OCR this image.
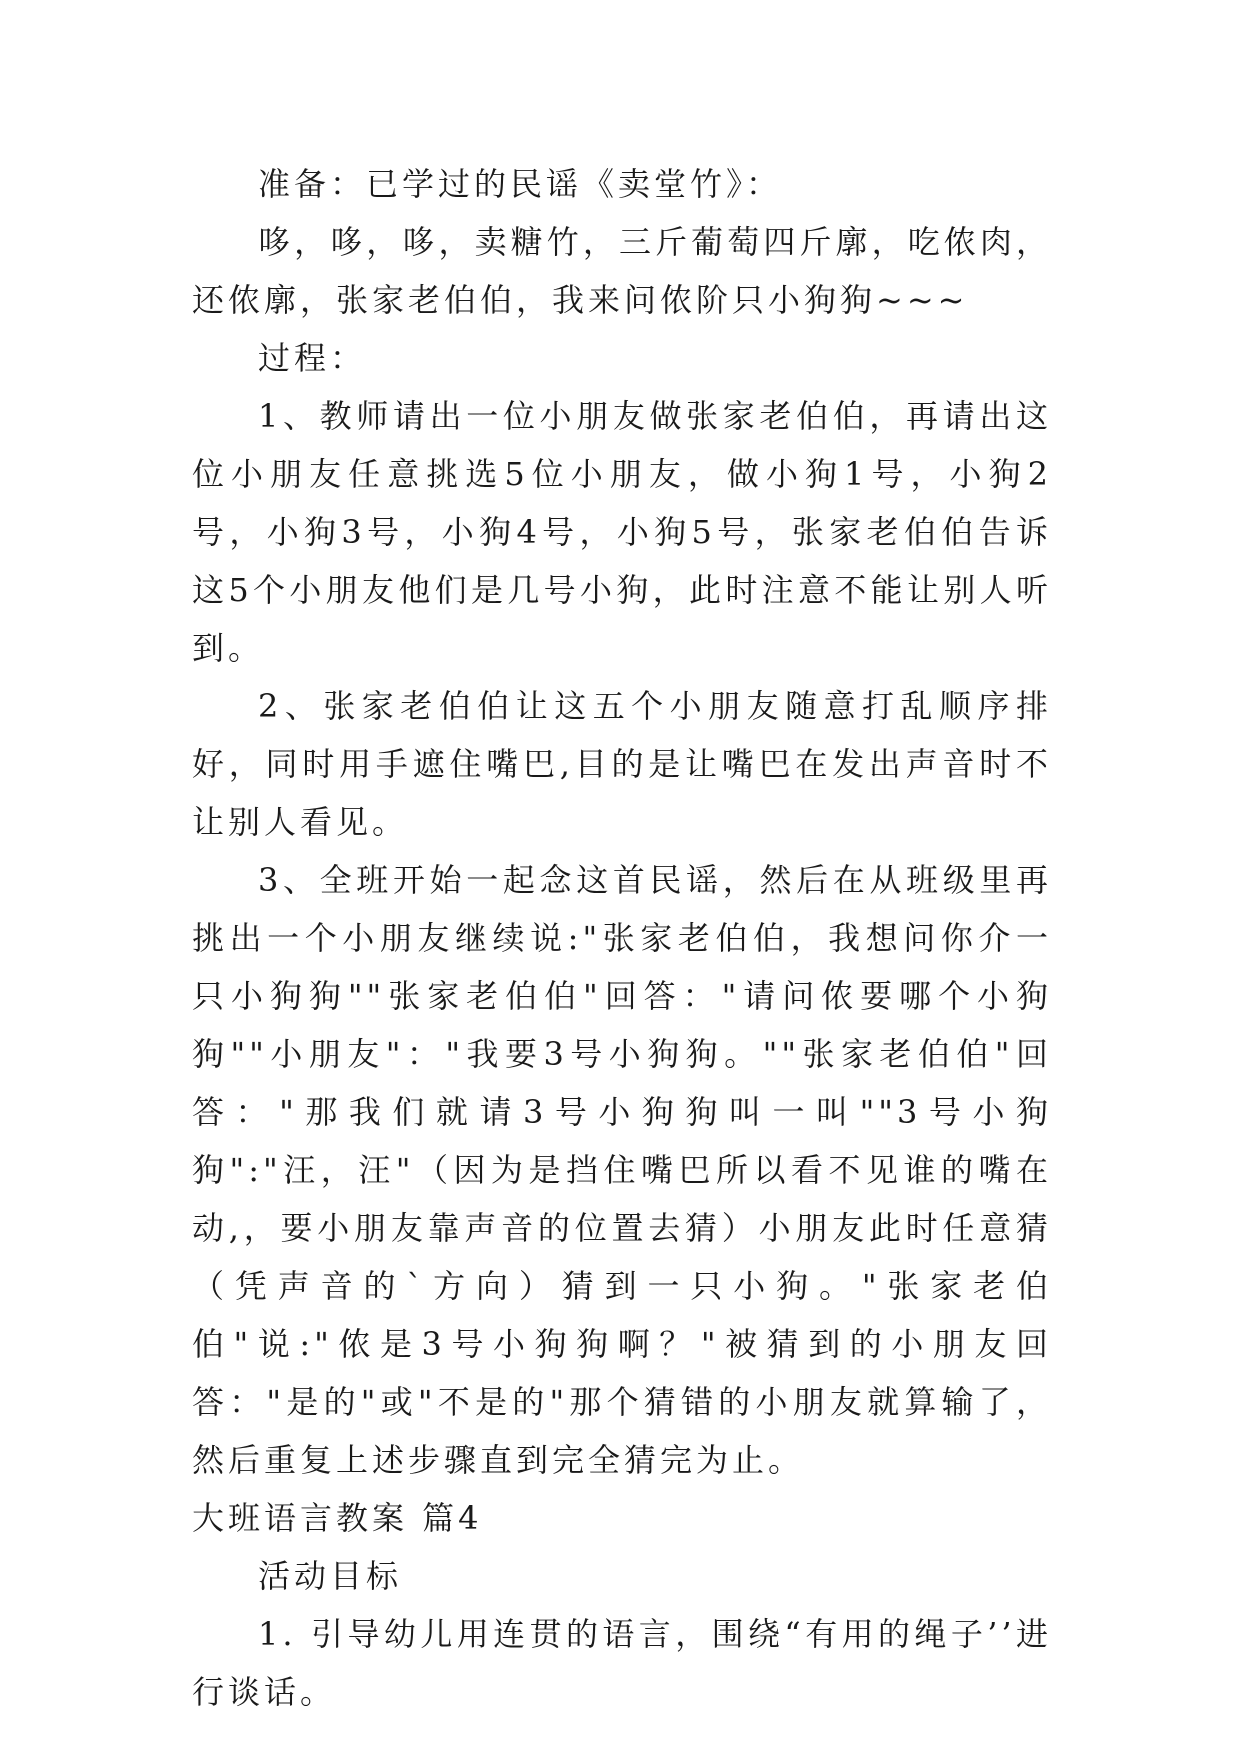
准备：已学过的民谣《卖堂竹》：

哆，哆，哆，卖糖竹，三斤葡萄四斤廓，吃侬肉，还侬廓，张家老伯伯，我来问侬阶只小狗狗~~~

过程：

1、教师请出一位小朋友做张家老伯伯，再请出这位小朋友任意挑选5位小朋友，做小狗1号，小狗2号，小狗3号，小狗4号，小狗5号，张家老伯伯告诉这5个小朋友他们是几号小狗，此时注意不能让别人听到。

2、张家老伯伯让这五个小朋友随意打乱顺序排好，同时用手遮住嘴巴,目的是让嘴巴在发出声音时不让别人看见。

3、全班开始一起念这首民谣，然后在从班级里再挑出一个小朋友继续说:"张家老伯伯，我想问你介一只小狗狗""张家老伯伯"回答："请问侬要哪个小狗狗""小朋友"："我要3号小狗狗。""张家老伯伯"回答："那我们就请3号小狗狗叫一叫""3号小狗狗":"汪，汪"（因为是挡住嘴巴所以看不见谁的嘴在动,，要小朋友靠声音的位置去猜）小朋友此时任意猜（凭声音的`方向）猜到一只小狗。"张家老伯伯"说:"侬是3号小狗狗啊？"被猜到的小朋友回答："是的"或"不是的"那个猜错的小朋友就算输了，然后重复上述步骤直到完全猜完为止。

大班语言教案 篇4

活动目标

1. 引导幼儿用连贯的语言，围绕“有用的绳子’’进行谈话。
